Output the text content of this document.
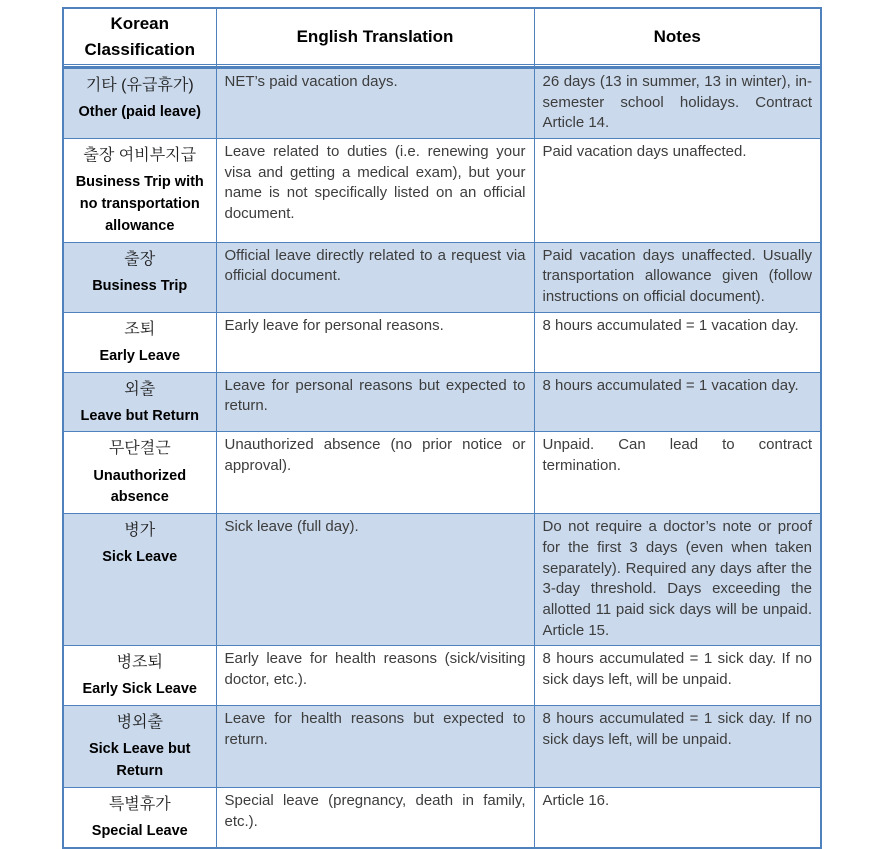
Korean Classification	English Translation	Notes

기타 (유급휴가)
Other (paid leave)	NET’s paid vacation days.	26 days (13 in summer, 13 in winter), in-semester school holidays. Contract Article 14.

출장 여비부지급
Business Trip with no transportation allowance	Leave related to duties (i.e. renewing your visa and getting a medical exam), but your name is not specifically listed on an official document.	Paid vacation days unaffected.

출장
Business Trip	Official leave directly related to a request via official document.	Paid vacation days unaffected. Usually transportation allowance given (follow instructions on official document).

조퇴
Early Leave	Early leave for personal reasons.	8 hours accumulated = 1 vacation day.

외출
Leave but Return	Leave for personal reasons but expected to return.	8 hours accumulated = 1 vacation day.

무단결근
Unauthorized absence	Unauthorized absence (no prior notice or approval).	Unpaid. Can lead to contract termination.

병가
Sick Leave	Sick leave (full day).	Do not require a doctor’s note or proof for the first 3 days (even when taken separately). Required any days after the 3-day threshold. Days exceeding the allotted 11 paid sick days will be unpaid. Article 15.

병조퇴
Early Sick Leave	Early leave for health reasons (sick/visiting doctor, etc.).	8 hours accumulated = 1 sick day. If no sick days left, will be unpaid.

병외출
Sick Leave but Return	Leave for health reasons but expected to return.	8 hours accumulated = 1 sick day. If no sick days left, will be unpaid.

특별휴가
Special Leave	Special leave (pregnancy, death in family, etc.).	Article 16.
